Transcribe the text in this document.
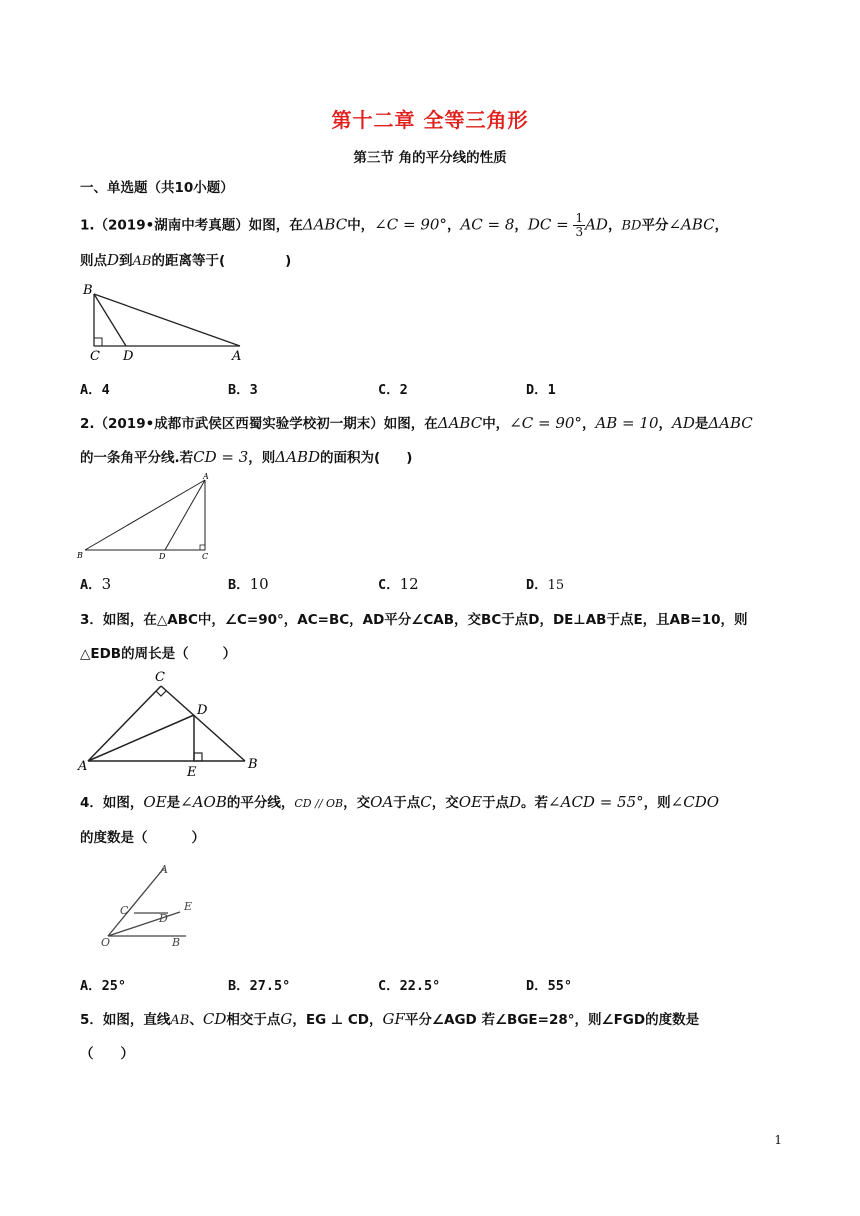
第十二章 全等三角形
第三节 角的平分线的性质
一、单选题（共10小题）
1.（2019•湖南中考真题）如图，在ΔABC中，∠C = 90°，AC = 8，DC = $\frac{1}{3}$ AD，BD平分∠ABC，
则点D到AB的距离等于(	)
B
C D	A
A．4	B．3	C．2	D．1
2.（2019•成都市武侯区西蜀实验学校初一期末）如图，在ΔABC中，∠C = 90°，AB = 10，AD是ΔABC
的一条角平分线.若CD = 3，则ΔABD的面积为( )
A
B	D	C
A．3	B．10	C．12	D．15
3．如图，在△ABC中，∠C=90°，AC=BC，AD平分∠CAB，交BC于点D，DE⊥AB于点E，且AB=10，则
△EDB的周长是（	）
C
D
A	E
B
4．如图，OE是∠AOB的平分线，CD // OB，交OA于点C，交OE于点D。若∠ACD = 55°，则∠CDO
的度数是（	）
A
C
D
E
O	B
A．25°	B．27.5°	C．22.5°	D．55°
5．如图，直线AB、CD相交于点G，EG ⊥ CD，GF平分∠AGD 若∠BGE=28°，则∠FGD的度数是
（　　）
1
